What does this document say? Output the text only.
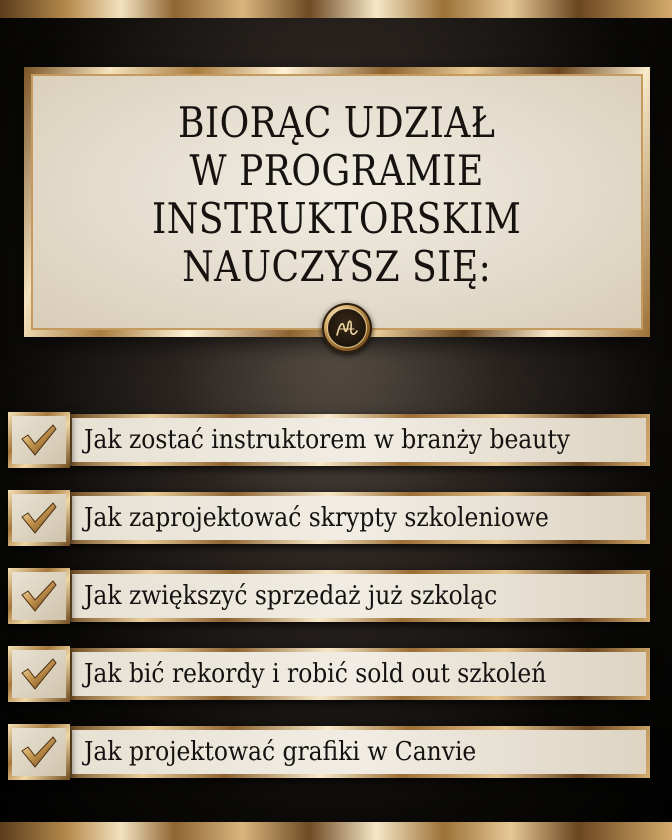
BIORĄC UDZIAŁ
W PROGRAMIE
INSTRUKTORSKIM
NAUCZYSZ SIĘ:
Jak zostać instruktorem w branży beauty
Jak zaprojektować skrypty szkoleniowe
Jak zwiększyć sprzedaż już szkoląc
Jak bić rekordy i robić sold out szkoleń
Jak projektować grafiki w Canvie
